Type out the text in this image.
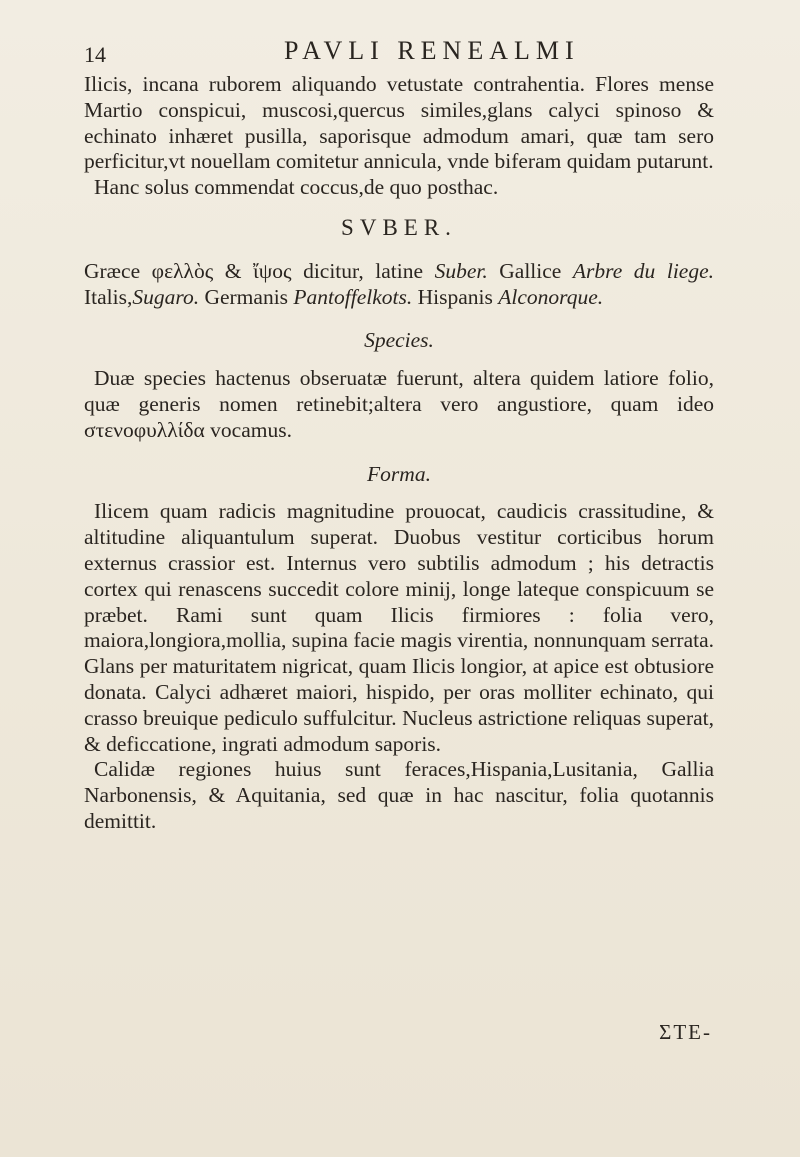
14	PAVLI RENEALMI

Ilicis, incana ruborem aliquando vetustate contrahentia. Flores mense Martio conspicui, muscosi,quercus similes,glans calyci spinoso & echinato inhæret pusilla, saporisque admodum amari, quæ tam sero perficitur,vt nouellam comitetur annicula, vnde biferam quidam putarunt.

Hanc solus commendat coccus,de quo posthac.

SVBER.

Græce φελλὸς & ἴψος dicitur, latine Suber. Gallice Arbre du liege. Italis,Sugaro. Germanis Pantoffelkots. Hispanis Alconorque.

Species.

Duæ species hactenus obseruatæ fuerunt, altera quidem latiore folio, quæ generis nomen retinebit;altera vero angustiore, quam ideo στενοφυλλίδα vocamus.

Forma.

Ilicem quam radicis magnitudine prouocat, caudicis crassitudine, & altitudine aliquantulum superat. Duobus vestitur corticibus horum externus crassior est. Internus vero subtilis admodum ; his detractis cortex qui renascens succedit colore minij, longe lateque conspicuum se præbet. Rami sunt quam Ilicis firmiores : folia vero, maiora,longiora,mollia, supina facie magis virentia, nonnunquam serrata. Glans per maturitatem nigricat, quam Ilicis longior, at apice est obtusiore donata. Calyci adhæret maiori, hispido, per oras molliter echinato, qui crasso breuique pediculo suffulcitur. Nucleus astrictione reliquas superat, & deficcatione, ingrati admodum saporis.

Calidæ regiones huius sunt feraces,Hispania,Lusitania, Gallia Narbonensis, & Aquitania, sed quæ in hac nascitur, folia quotannis demittit.

ΣΤΕ-
